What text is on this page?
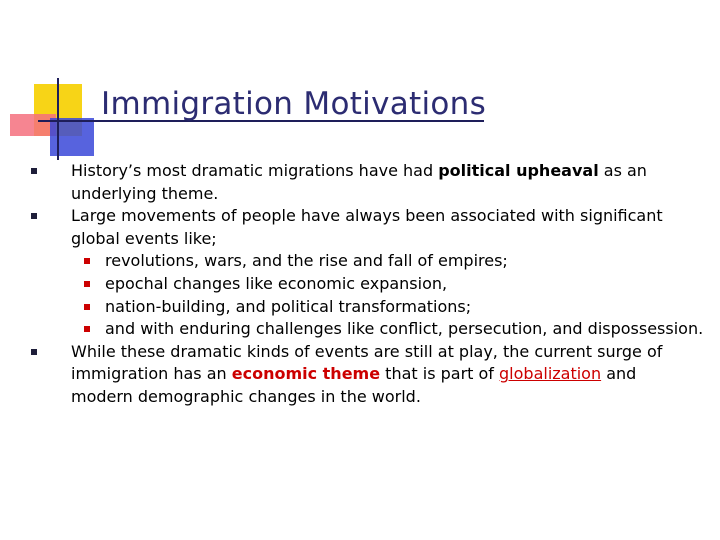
Immigration Motivations

History’s most dramatic migrations have had political upheaval as an underlying theme.

Large movements of people have always been associated with significant global events like;

revolutions, wars, and the rise and fall of empires;

epochal changes like economic expansion,

nation-building, and political transformations;

and with enduring challenges like conflict, persecution, and dispossession.

While these dramatic kinds of events are still at play, the current surge of immigration has an economic theme that is part of globalization and modern demographic changes in the world.
